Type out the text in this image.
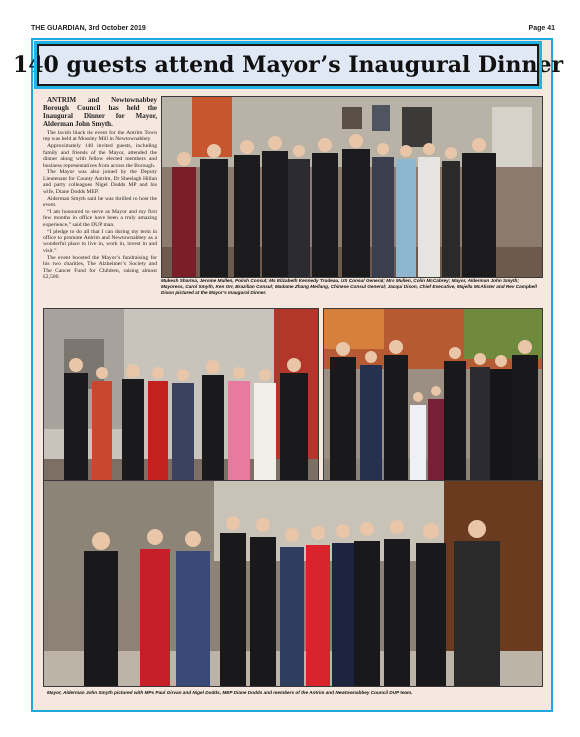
THE GUARDIAN, 3rd October 2019	Page 41
140 guests attend Mayor’s Inaugural Dinner

ANTRIM and Newtownabbey Borough Council has held the Inaugural Dinner for Mayor, Alderman John Smyth.

The lavish black tie event for the Antrim Town rep was held at Mossley Mill in Newtownabbey.

Approximately 140 invited guests, including family and friends of the Mayor, attended the dinner along with fellow elected members and business representatives from across the Borough.

The Mayor was also joined by the Deputy Lieutenant for County Antrim, Dr Sheelagh Hillan and party colleagues Nigel Dodds MP and his wife, Diane Dodds MEP.

Alderman Smyth said he was thrilled to host the event.

“I am honoured to serve as Mayor and my first few months in office have been a truly amazing experience,” said the DUP man.

“I pledge to do all that I can during my term in office to promote Antrim and Newtownabbey as a wonderful place to live in, work in, invest in and visit.”

The event boosted the Mayor’s fundraising for his two charities, The Alzheimer’s Society and The Cancer Fund for Children, raising almost £2,500.

Mukesh Sharma, Jerome Mullen, Polish Consul; Ms Elizabeth Kennedy Trudeau, US Consul General; Mrs Mullen, Colin McCabrey; Mayor, Alderman John Smyth; Mayoress, Carol Smyth, Ken Orr, Brazilian Consul; Madame Zhang Meifang, Chinese Consul General; Jacqui Dixon, Chief Executive, Majella McAlister and Rev Campbell Dixon pictured at the Mayor’s Inaugural Dinner.
Mayor, Alderman John Smyth pictured with MPs Paul Girvan and Nigel Dodds, MEP Diane Dodds and members of the Antrim and Newtownabbey Council DUP team.
